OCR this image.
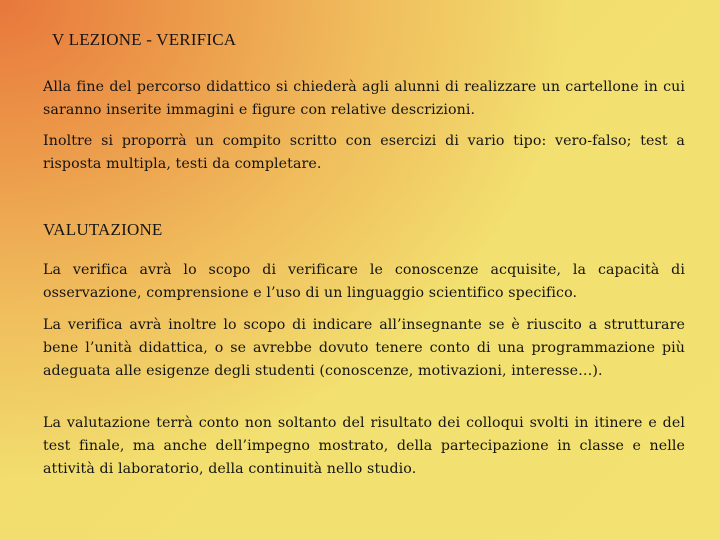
V LEZIONE - VERIFICA

Alla fine del percorso didattico si chiederà agli alunni di realizzare un cartellone in cui saranno inserite immagini e figure con relative descrizioni.

Inoltre si proporrà un compito scritto con esercizi di vario tipo: vero-falso; test a risposta multipla, testi da completare.

VALUTAZIONE

La verifica avrà lo scopo di verificare le conoscenze acquisite, la capacità di osservazione, comprensione e l’uso di un linguaggio scientifico specifico.

La verifica avrà inoltre lo scopo di indicare all’insegnante se è riuscito a strutturare bene l’unità didattica, o se avrebbe dovuto tenere conto di una programmazione più adeguata alle esigenze degli studenti (conoscenze, motivazioni, interesse…).

La valutazione terrà conto non soltanto del risultato dei colloqui svolti in itinere e del test finale, ma anche dell’impegno mostrato, della partecipazione in classe e nelle attività di laboratorio, della continuità nello studio.
